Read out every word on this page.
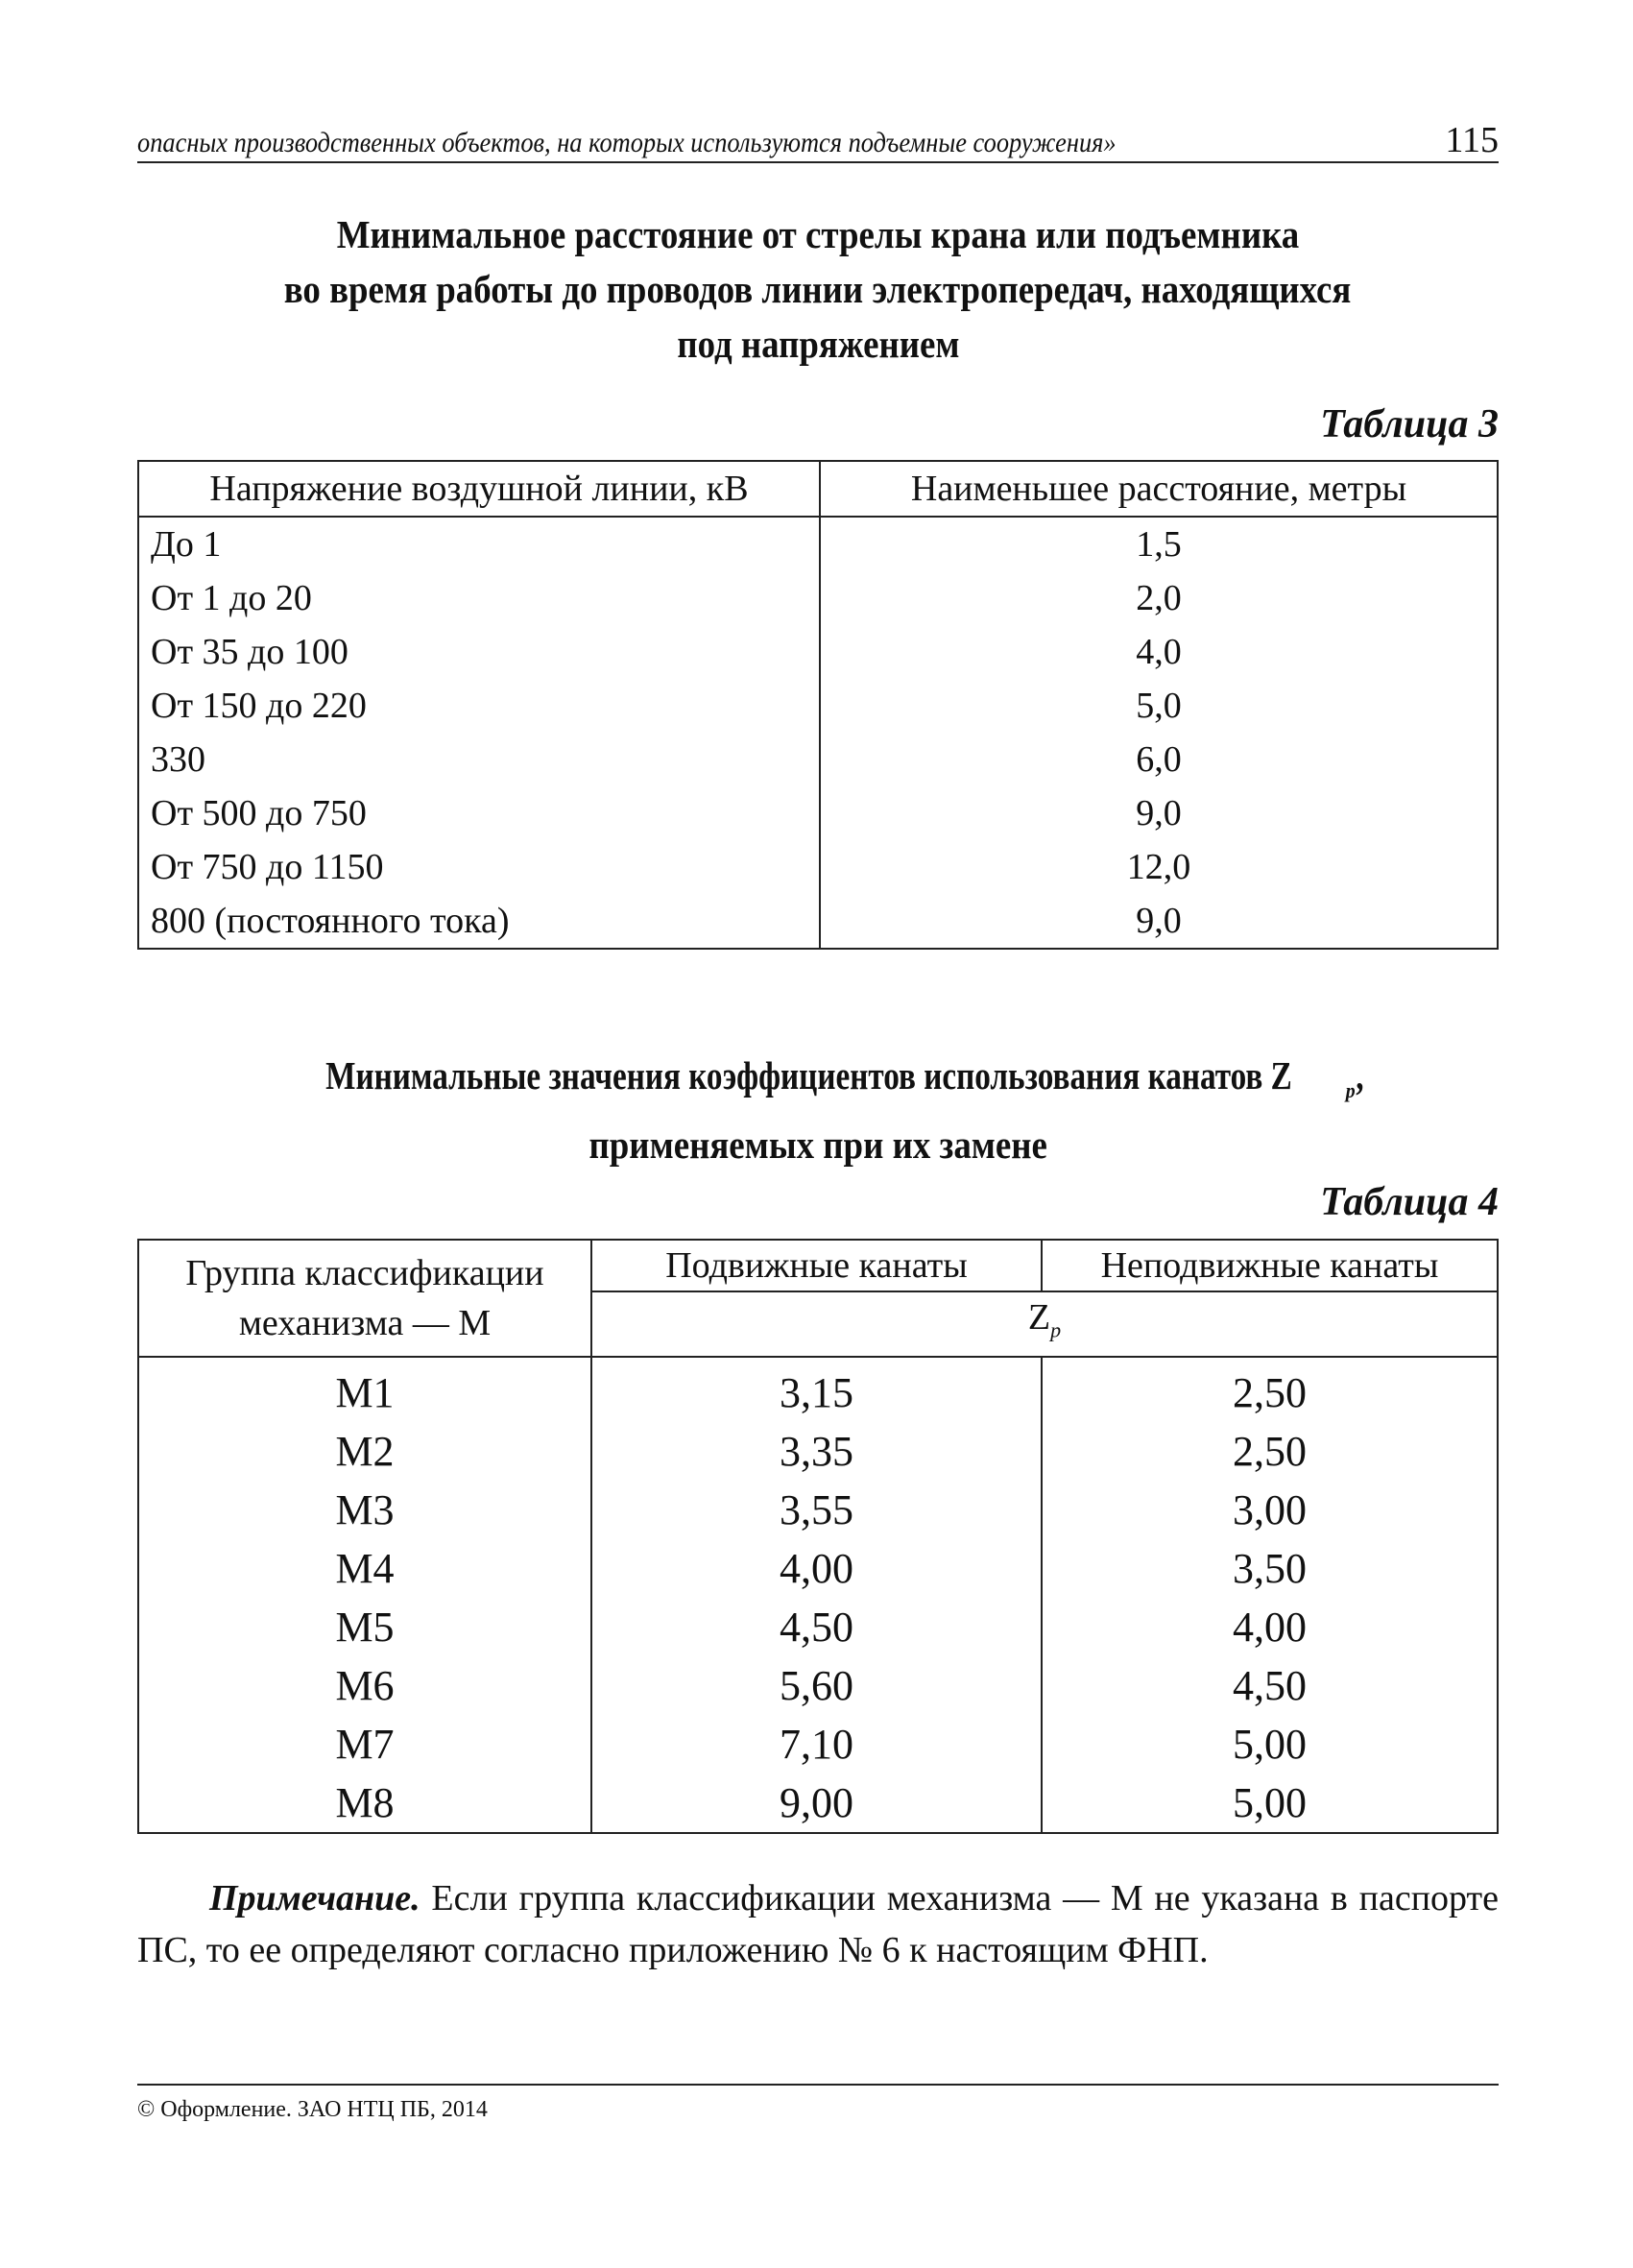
опасных производственных объектов, на которых используются подъемные сооружения»	115
Минимальное расстояние от стрелы крана или подъемника
во время работы до проводов линии электропередач, находящихся
под напряжением
Таблица 3
Напряжение воздушной линии, кВ	Наименьшее расстояние, метры
До 1	1,5
От 1 до 20	2,0
От 35 до 100	4,0
От 150 до 220	5,0
330	6,0
От 500 до 750	9,0
От 750 до 1150	12,0
800 (постоянного тока)	9,0
Минимальные значения коэффициентов использования канатов Z	$_p$,
применяемых при их замене
Таблица 4
Группа классификации механизма — М	Подвижные канаты	Неподвижные канаты
	$Z_p$
М1	3,15	2,50
М2	3,35	2,50
М3	3,55	3,00
М4	4,00	3,50
М5	4,50	4,00
М6	5,60	4,50
М7	7,10	5,00
М8	9,00	5,00
Примечание. Если группа классификации механизма — М не указана в паспорте ПС, то ее определяют согласно приложению № 6 к настоящим ФНП.
© Оформление. ЗАО НТЦ ПБ, 2014
